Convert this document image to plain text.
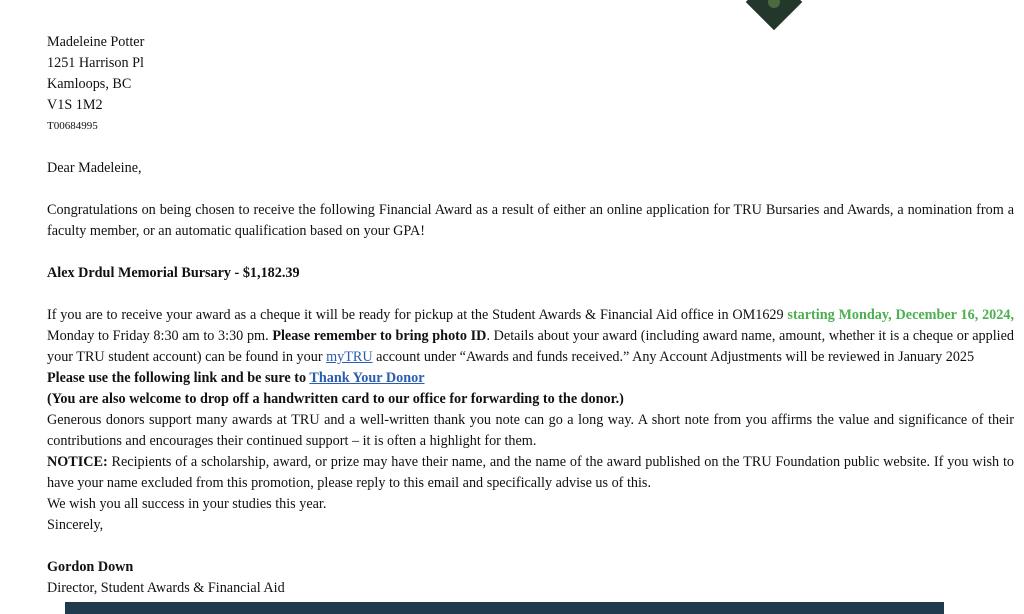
Madeleine Potter
1251 Harrison Pl
Kamloops, BC
V1S 1M2
T00684995
Dear Madeleine,
Congratulations on being chosen to receive the following Financial Award as a result of either an online application for TRU Bursaries and Awards, a nomination from a faculty member, or an automatic qualification based on your GPA!
Alex Drdul Memorial Bursary - $1,182.39
If you are to receive your award as a cheque it will be ready for pickup at the Student Awards & Financial Aid office in OM1629 starting Monday, December 16, 2024, Monday to Friday 8:30 am to 3:30 pm. Please remember to bring photo ID. Details about your award (including award name, amount, whether it is a cheque or applied your TRU student account) can be found in your myTRU account under “Awards and funds received.” Any Account Adjustments will be reviewed in January 2025
Please use the following link and be sure to Thank Your Donor
(You are also welcome to drop off a handwritten card to our office for forwarding to the donor.)
Generous donors support many awards at TRU and a well-written thank you note can go a long way. A short note from you affirms the value and significance of their contributions and encourages their continued support – it is often a highlight for them.
NOTICE: Recipients of a scholarship, award, or prize may have their name, and the name of the award published on the TRU Foundation public website. If you wish to have your name excluded from this promotion, please reply to this email and specifically advise us of this.
We wish you all success in your studies this year.
Sincerely,
Gordon Down
Director, Student Awards & Financial Aid
